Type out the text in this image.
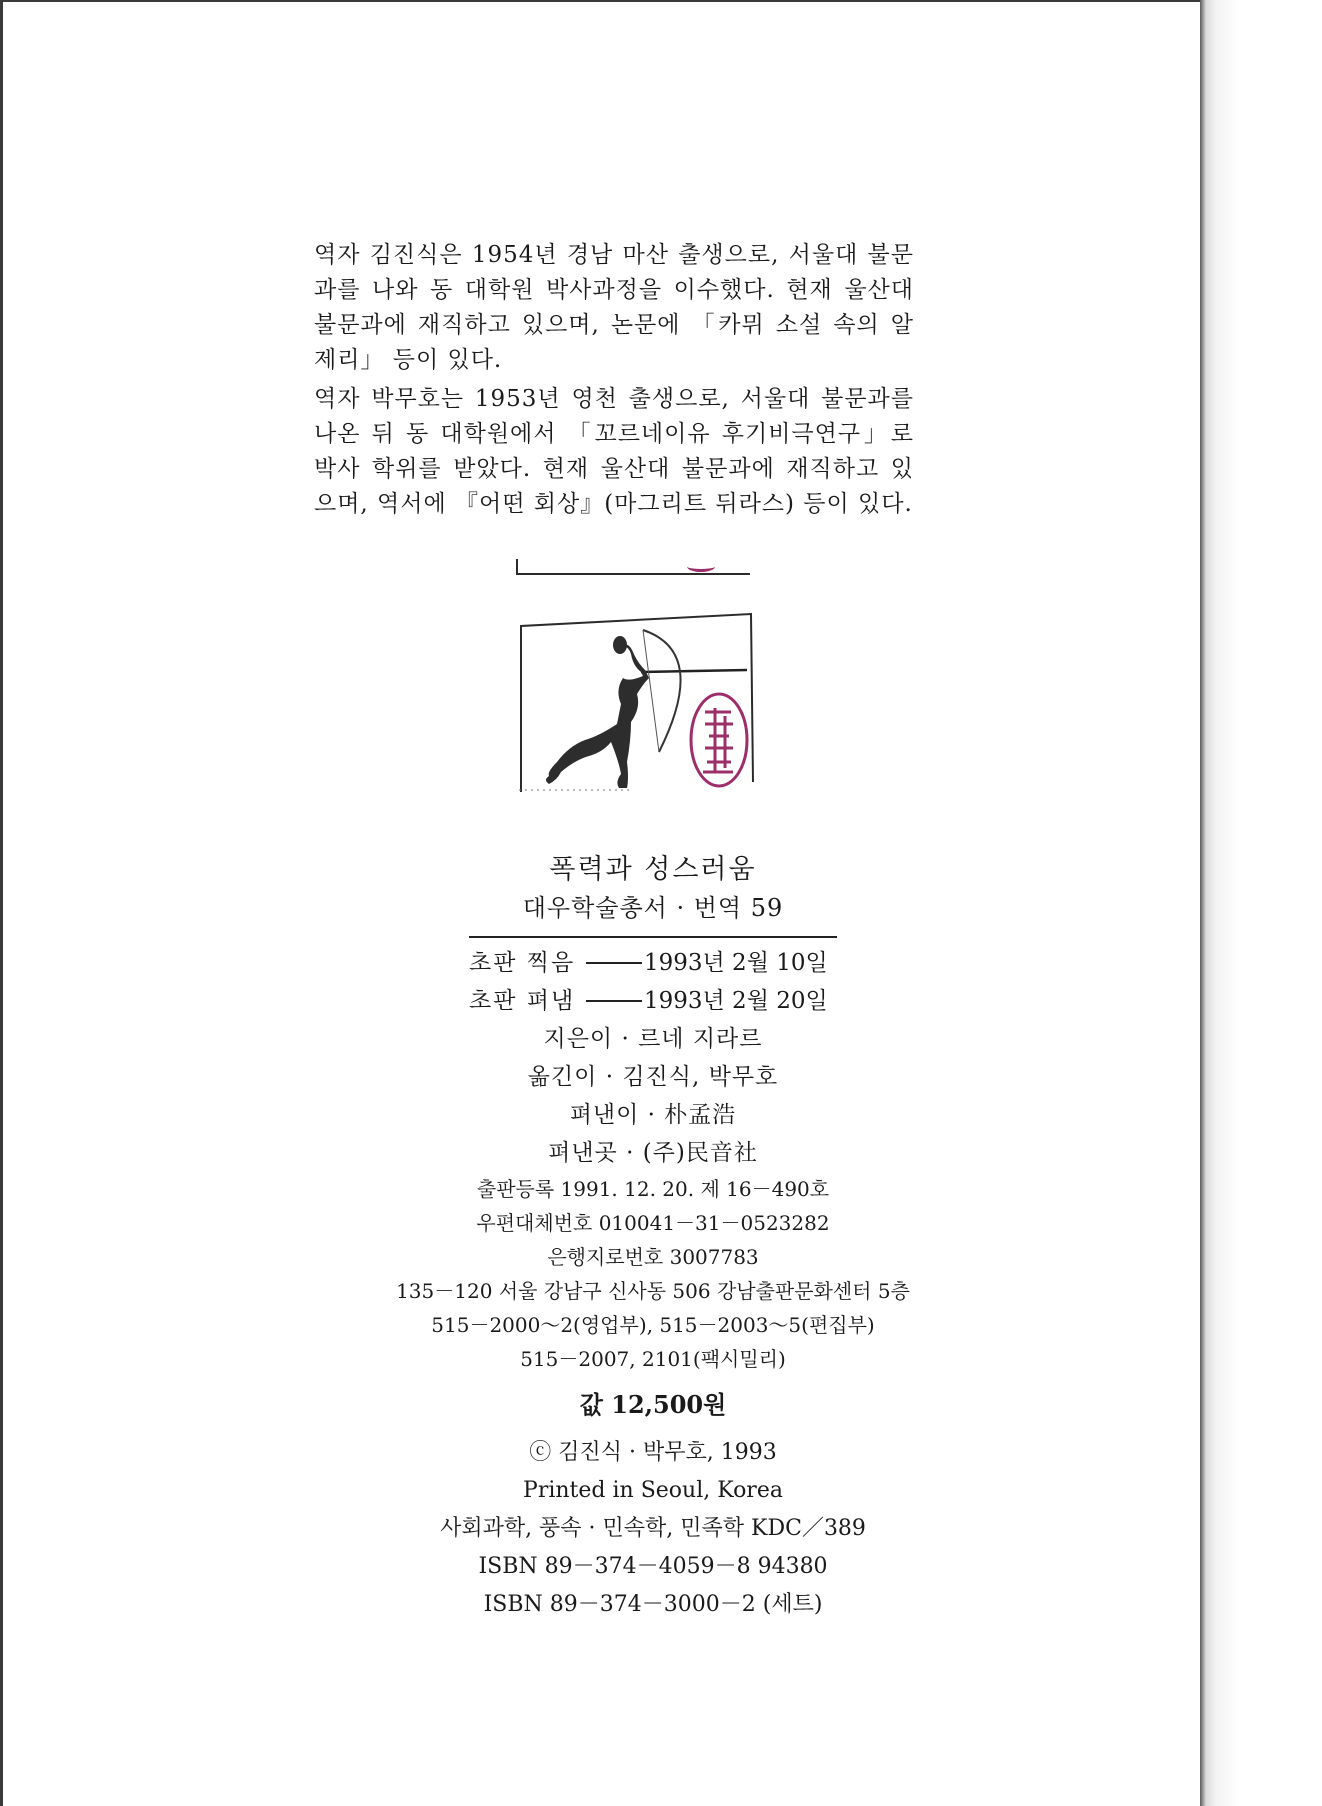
역자 김진식은 1954년 경남 마산 출생으로, 서울대 불문과를 나와 동 대학원 박사과정을 이수했다. 현재 울산대 불문과에 재직하고 있으며, 논문에 「카뮈 소설 속의 알제리」 등이 있다.

역자 박무호는 1953년 영천 출생으로, 서울대 불문과를 나온 뒤 동 대학원에서 「꼬르네이유 후기비극연구」로 박사 학위를 받았다. 현재 울산대 불문과에 재직하고 있으며, 역서에 『어떤 회상』(마그리트 뒤라스) 등이 있다.

폭력과 성스러움

대우학술총서 · 번역 59

초판 찍음	1993년 2월 10일
초판 펴냄	1993년 2월 20일

지은이 · 르네 지라르

옮긴이 · 김진식, 박무호

펴낸이 · 朴孟浩

펴낸곳 · (주)民音社

출판등록 1991. 12. 20. 제 16－490호

우편대체번호 010041－31－0523282

은행지로번호 3007783

135－120 서울 강남구 신사동 506 강남출판문화센터 5층

515－2000～2(영업부), 515－2003～5(편집부)

515－2007, 2101(팩시밀리)

값 12,500원

ⓒ 김진식 · 박무호, 1993

Printed in Seoul, Korea

사회과학, 풍속 · 민속학, 민족학 KDC／389

ISBN 89－374－4059－8 94380

ISBN 89－374－3000－2 (세트)
